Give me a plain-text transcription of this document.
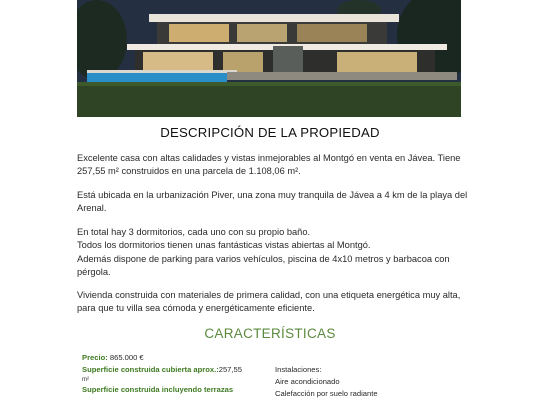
DESCRIPCIÓN DE LA PROPIEDAD
Excelente casa con altas calidades y vistas inmejorables al Montgó en venta en Jávea. Tiene 257,55 m² construidos en una parcela de 1.108,06 m².
Está ubicada en la urbanización Piver, una zona muy tranquila de Jávea a 4 km de la playa del Arenal.
En total hay 3 dormitorios, cada uno con su propio baño.
Todos los dormitorios tienen unas fantásticas vistas abiertas al Montgó.
Además dispone de parking para varios vehículos, piscina de 4x10 metros y barbacoa con pérgola.
Vivienda construida con materiales de primera calidad, con una etiqueta energética muy alta, para que tu villa sea cómoda y energéticamente eficiente.
CARACTERÍSTICAS
Precio: 865.000 €
Superficie construida cubierta aprox.:257,55
m²
Superficie construida incluyendo terrazas
Instalaciones:
Aire acondicionado
Calefacción por suelo radiante
